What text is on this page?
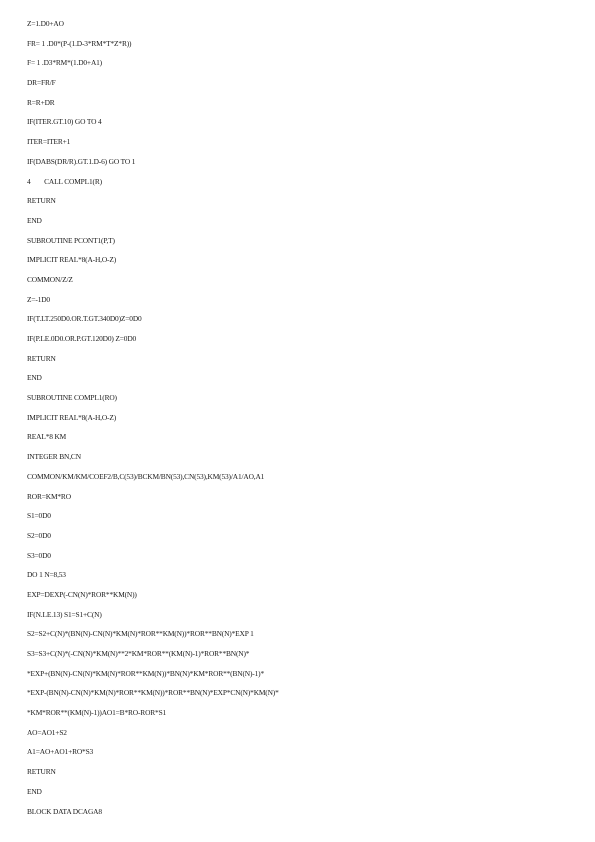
Z=1.D0+AO
FR= 1 .D0*(P-(1.D-3*RM*T*Z*R))
F= 1 .D3*RM*(1.D0+A1)
DR=FR/F
R=R+DR
IF(ITER.GT.10) GO TO 4
ITER=ITER+1
IF(DABS(DR/R).GT.1.D-6) GO TO 1
4        CALL COMPL1(R)
RETURN
END
SUBROUTINE PCONT1(P,T)
IMPLICIT REAL*8(A-H,O-Z)
COMMON/Z/Z
Z=-1D0
IF(T.LT.250D0.OR.T.GT.340D0)Z=0D0
IF(P.LE.0D0.OR.P.GT.120D0) Z=0D0
RETURN
END
SUBROUTINE COMPL1(RO)
IMPLICIT REAL*8(A-H,O-Z)
REAL*8 KM
INTEGER BN,CN
COMMON/KM/KM/COEF2/B,C(53)/BCKM/BN(53),CN(53),KM(53)/A1/AO,A1
ROR=KM*RO
S1=0D0
S2=0D0
S3=0D0
DO 1 N=8,53
EXP=DEXP(-CN(N)*ROR**KM(N))
IF(N.LE.13) S1=S1+C(N)
S2=S2+C(N)*(BN(N)-CN(N)*KM(N)*ROR**KM(N))*ROR**BN(N)*EXP 1
S3=S3+C(N)*(-CN(N)*KM(N)**2*KM*ROR**(KM(N)-1)*ROR**BN(N)*
*EXP+(BN(N)-CN(N)*KM(N)*ROR**KM(N))*BN(N)*KM*ROR**(BN(N)-1)*
*EXP-(BN(N)-CN(N)*KM(N)*ROR**KM(N))*ROR**BN(N)*EXP*CN(N)*KM(N)*
*KM*ROR**(KM(N)-1))AO1=B*RO-ROR*S1
AO=AO1+S2
A1=AO+AO1+RO*S3
RETURN
END
BLOCK DATA DCAGA8
